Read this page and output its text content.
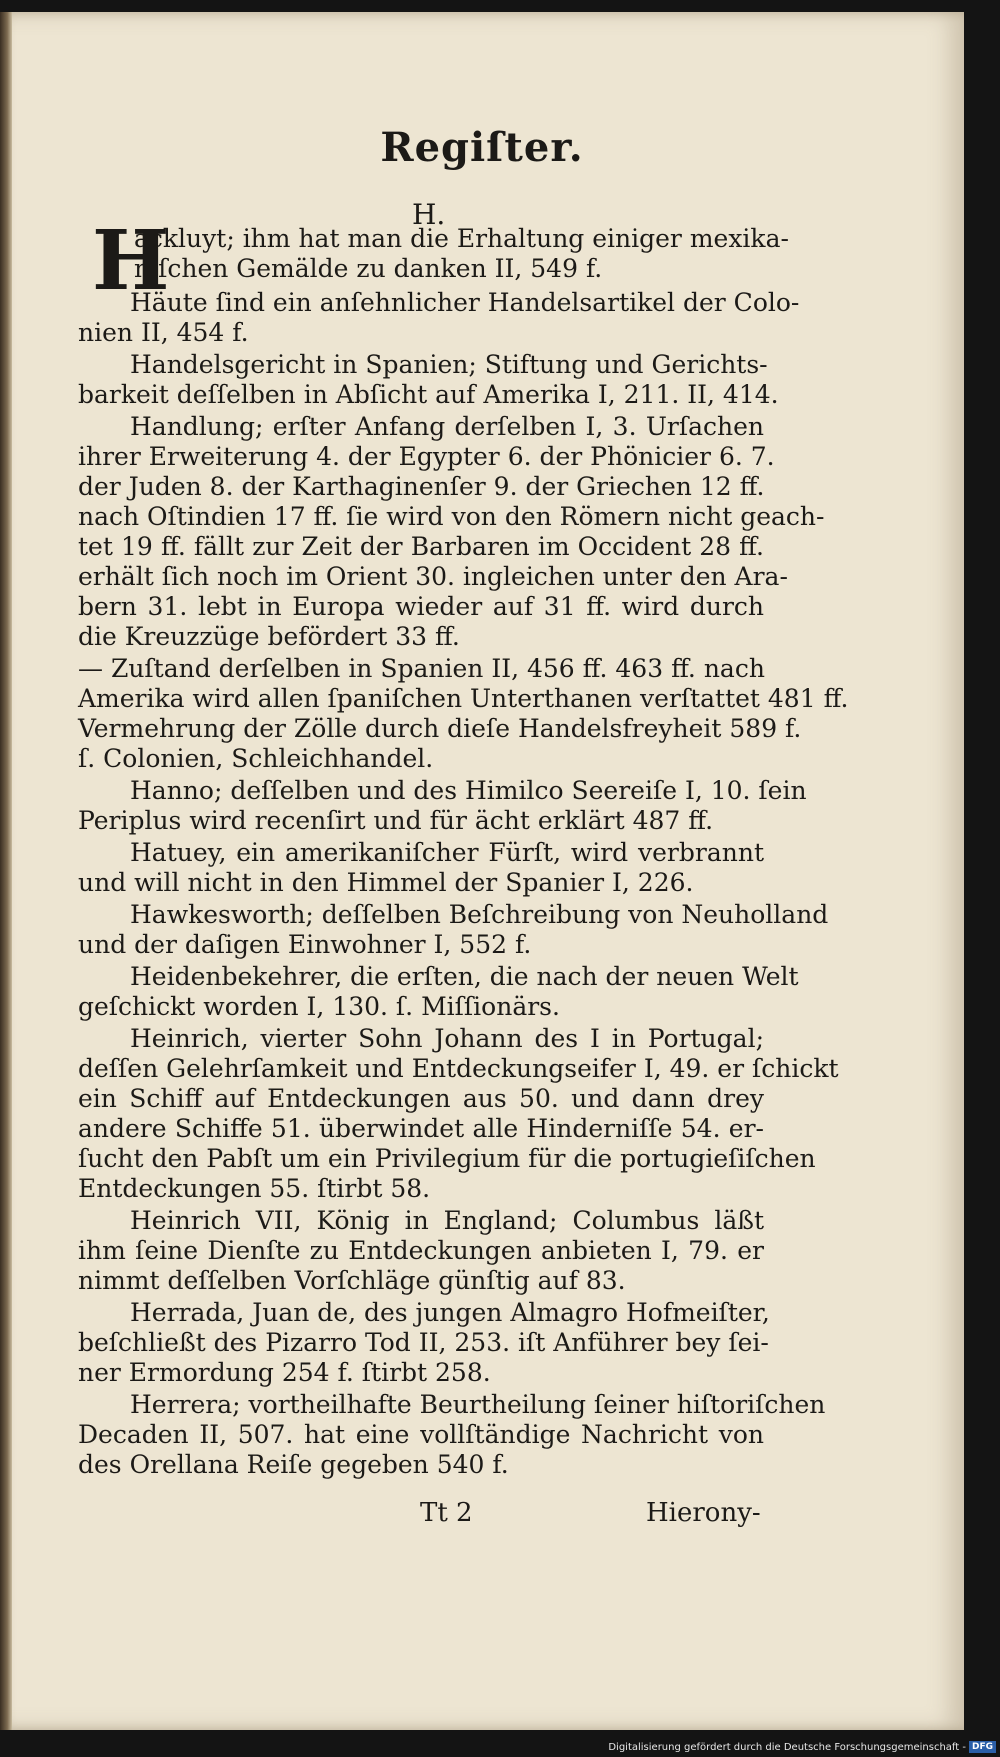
Regiſter.
H.
H
ackluyt; ihm hat man die Erhaltung einiger mexika-
niſchen Gemälde zu danken II, 549 f.
Häute ſind ein anſehnlicher Handelsartikel der Colo-
nien II, 454 f.
Handelsgericht in Spanien; Stiftung und Gerichts-
barkeit deſſelben in Abſicht auf Amerika I, 211. II, 414.
Handlung; erſter Anfang derſelben I, 3. Urſachen
ihrer Erweiterung 4. der Egypter 6. der Phönicier 6. 7.
der Juden 8. der Karthaginenſer 9. der Griechen 12 ff.
nach Oſtindien 17 ff. ſie wird von den Römern nicht geach-
tet 19 ff. fällt zur Zeit der Barbaren im Occident 28 ff.
erhält ſich noch im Orient 30. ingleichen unter den Ara-
bern 31. lebt in Europa wieder auf 31 ff. wird durch
die Kreuzzüge befördert 33 ff.
— Zuſtand derſelben in Spanien II, 456 ff. 463 ff. nach
Amerika wird allen ſpaniſchen Unterthanen verſtattet 481 ff.
Vermehrung der Zölle durch dieſe Handelsfreyheit 589 f.
ſ. Colonien, Schleichhandel.
Hanno; deſſelben und des Himilco Seereiſe I, 10. ſein
Periplus wird recenſirt und für ächt erklärt 487 ff.
Hatuey, ein amerikaniſcher Fürſt, wird verbrannt
und will nicht in den Himmel der Spanier I, 226.
Hawkesworth; deſſelben Beſchreibung von Neuholland
und der daſigen Einwohner I, 552 f.
Heidenbekehrer, die erſten, die nach der neuen Welt
geſchickt worden I, 130. ſ. Miſſionärs.
Heinrich, vierter Sohn Johann des I in Portugal;
deſſen Gelehrſamkeit und Entdeckungseifer I, 49. er ſchickt
ein Schiff auf Entdeckungen aus 50. und dann drey
andere Schiffe 51. überwindet alle Hinderniſſe 54. er-
ſucht den Pabſt um ein Privilegium für die portugieſiſchen
Entdeckungen 55. ſtirbt 58.
Heinrich VII, König in England; Columbus läßt
ihm ſeine Dienſte zu Entdeckungen anbieten I, 79. er
nimmt deſſelben Vorſchläge günſtig auf 83.
Herrada, Juan de, des jungen Almagro Hofmeiſter,
beſchließt des Pizarro Tod II, 253. iſt Anführer bey ſei-
ner Ermordung 254 f. ſtirbt 258.
Herrera; vortheilhafte Beurtheilung ſeiner hiſtoriſchen
Decaden II, 507. hat eine vollſtändige Nachricht von
des Orellana Reiſe gegeben 540 f.
Tt 2	Hierony-
Digitalisierung gefördert durch die Deutsche Forschungsgemeinschaft - DFG
